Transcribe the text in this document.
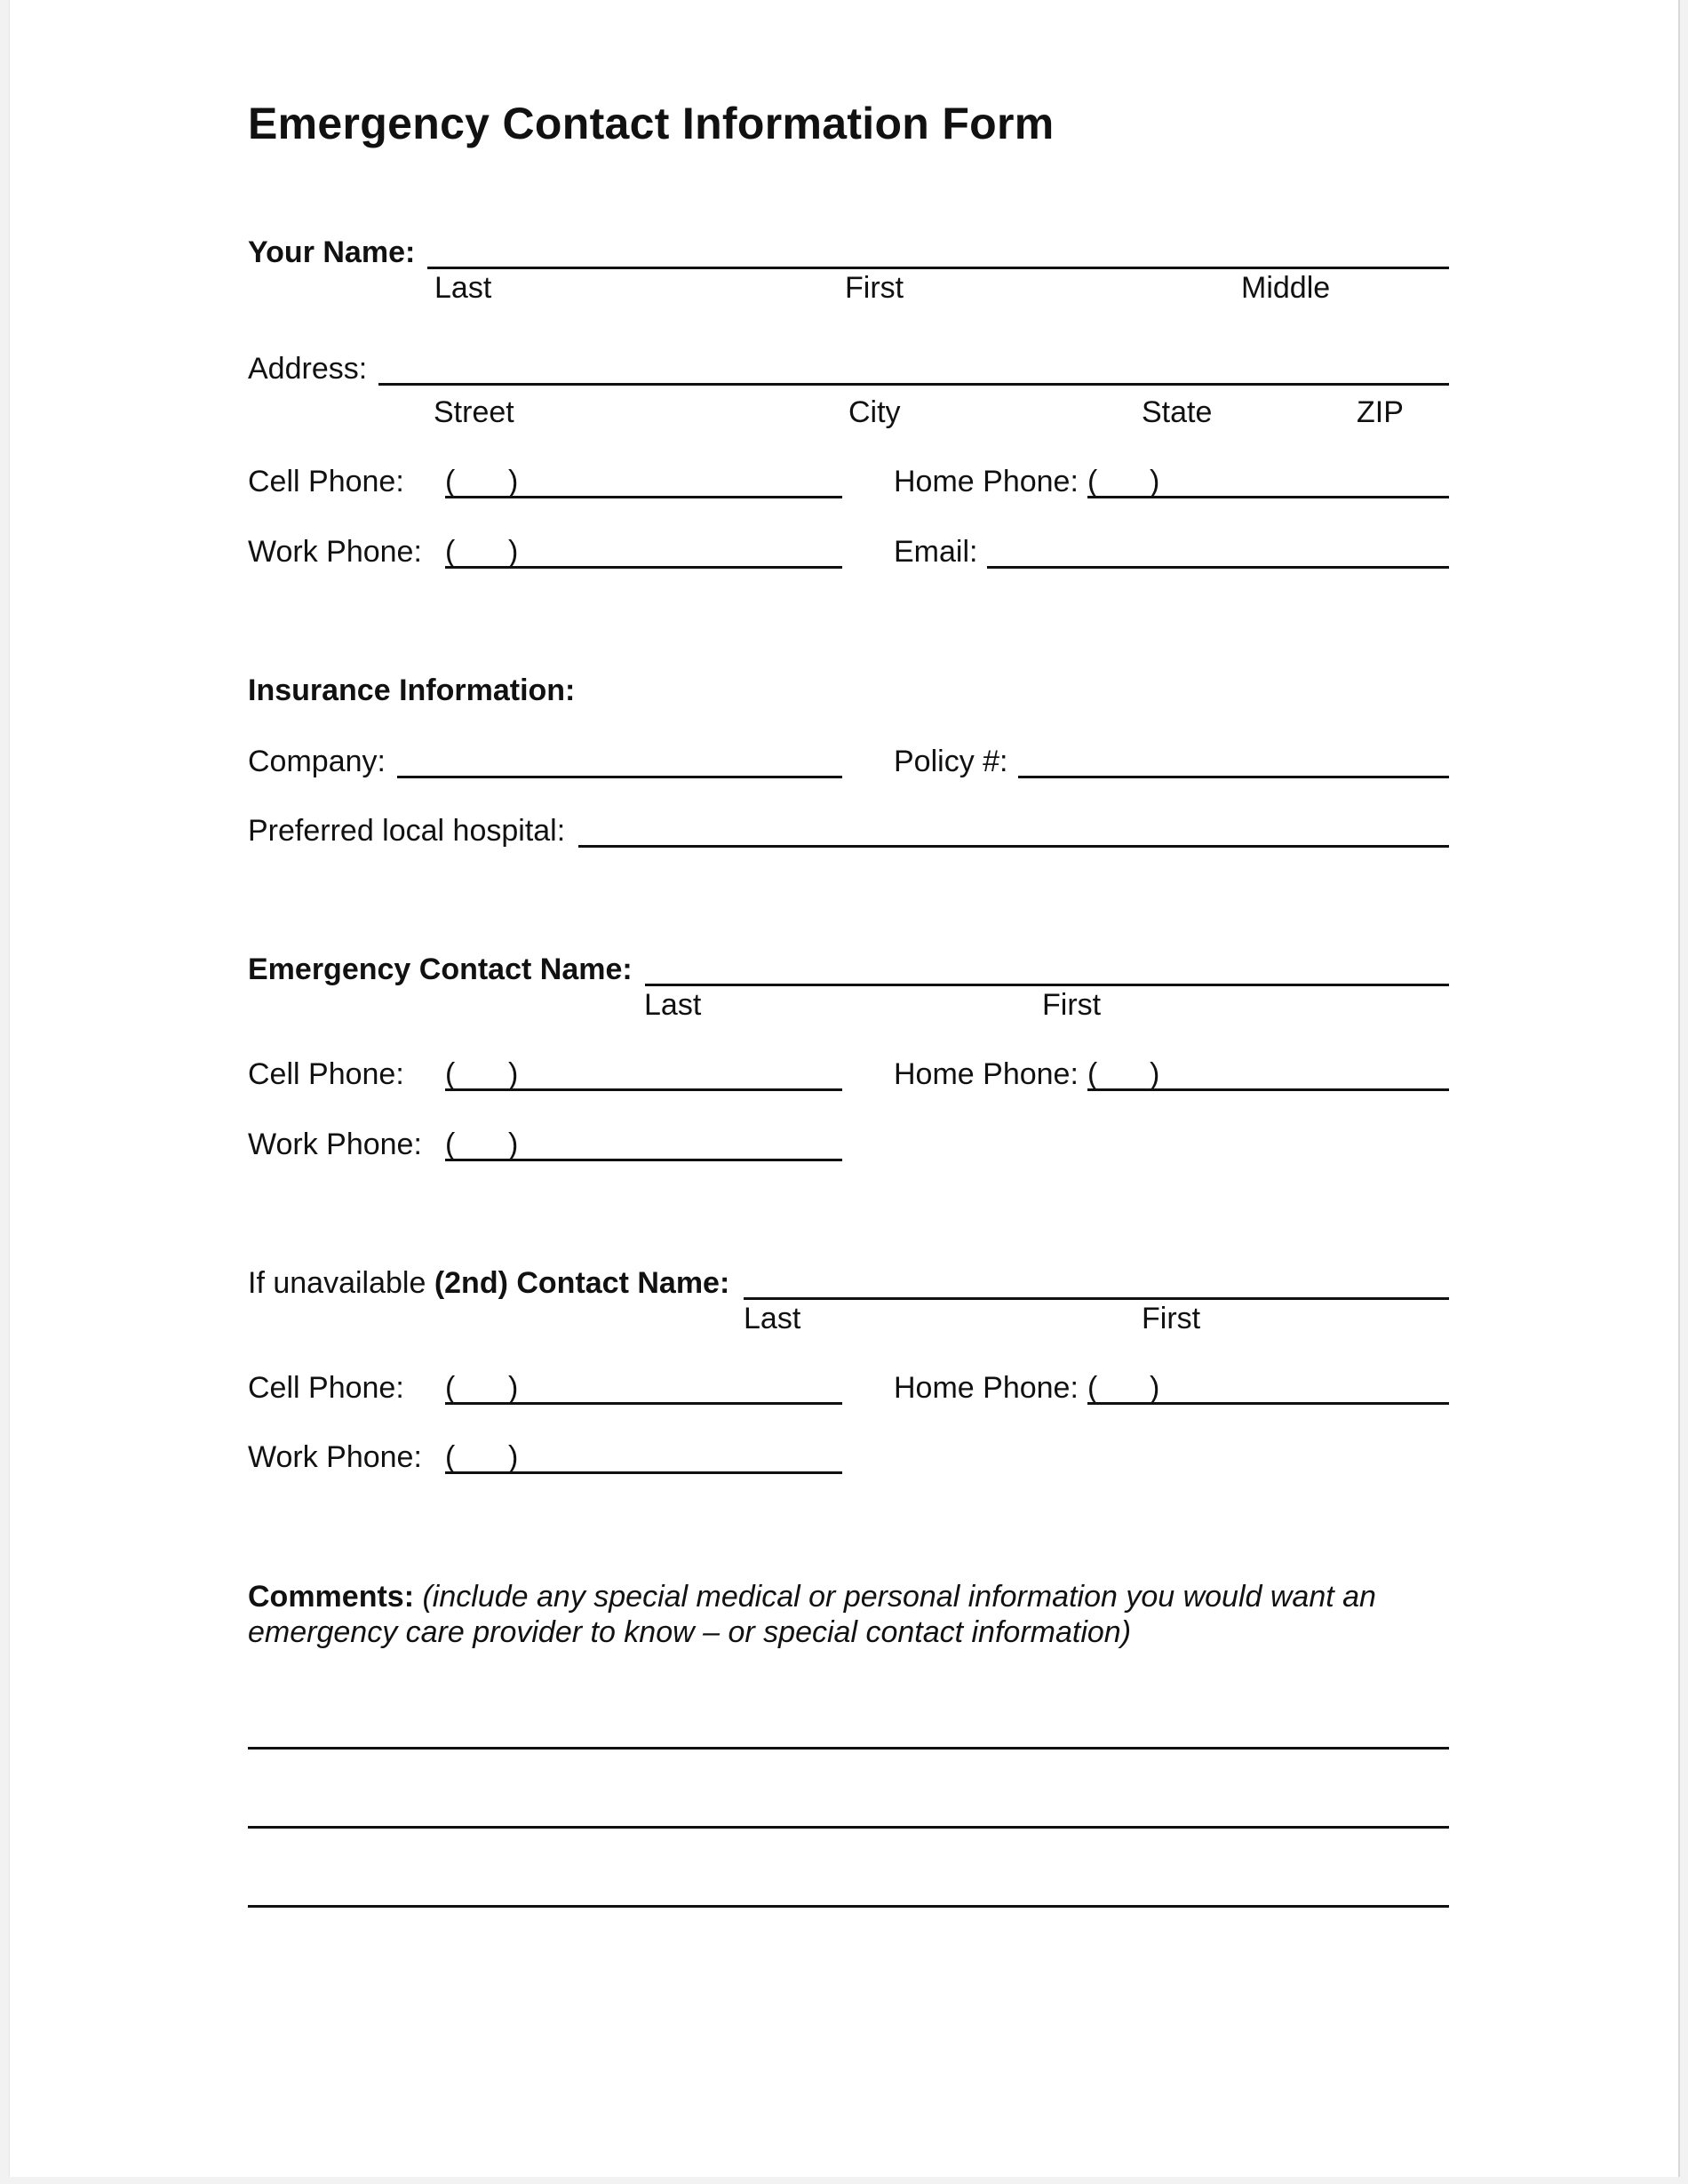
Emergency Contact Information Form
Your Name:
Last	First	Middle
Address:
Street	City	State	ZIP
Cell Phone: ( )	Home Phone: ( )
Work Phone: ( )	Email:
Insurance Information:
Company:	Policy #:
Preferred local hospital:
Emergency Contact Name:
Last	First
Cell Phone: ( )	Home Phone: ( )
Work Phone: ( )
If unavailable (2nd) Contact Name:
Last	First
Cell Phone: ( )	Home Phone: ( )
Work Phone: ( )
Comments: (include any special medical or personal information you would want an
emergency care provider to know – or special contact information)
